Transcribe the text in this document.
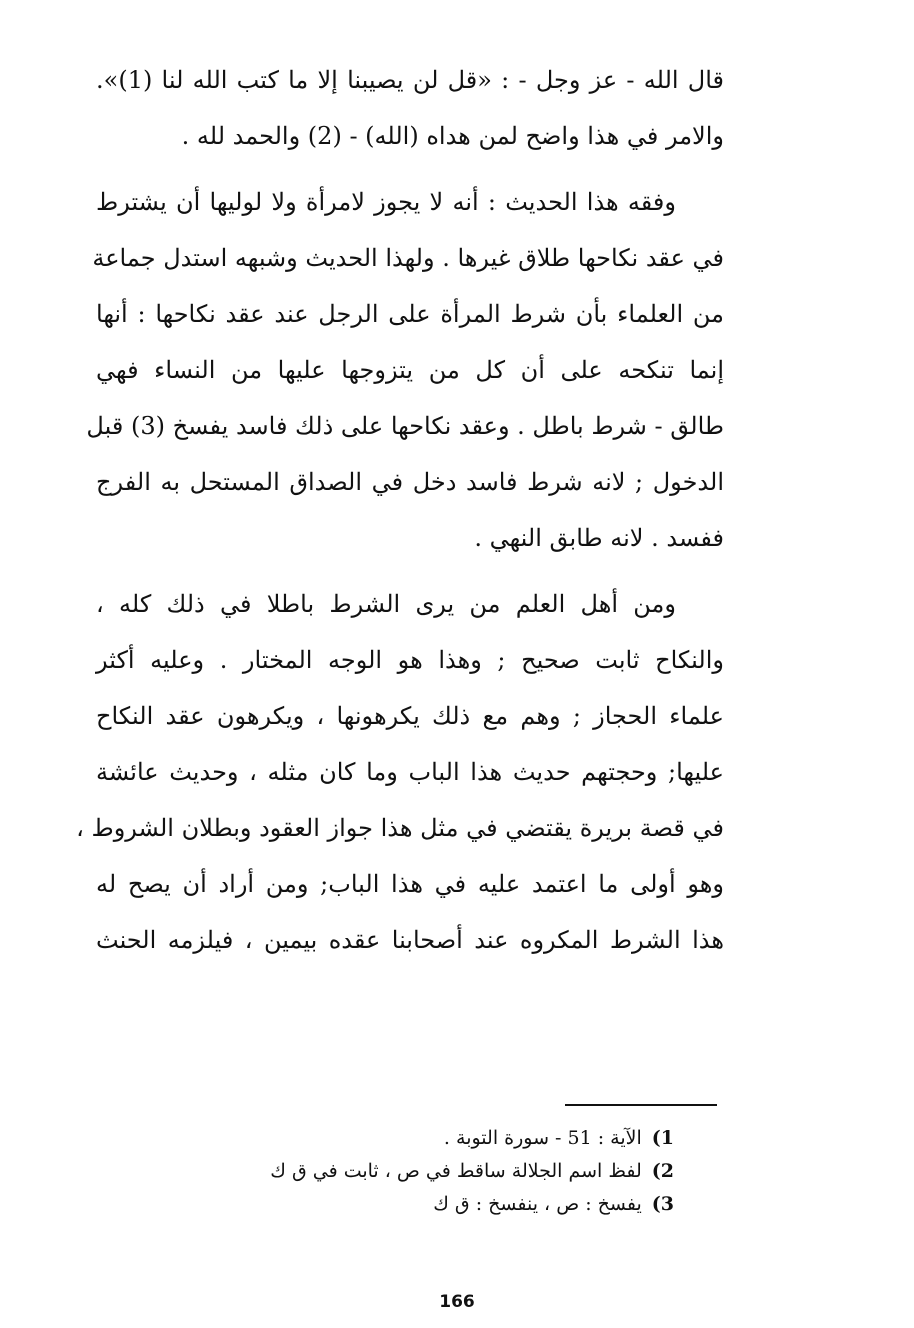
قال الله - عز وجل - : «قل لن يصيبنا إلا ما كتب الله لنا (1)».
والامر في هذا واضح لمن هداه (الله) - (2) والحمد لله .
وفقه هذا الحديث : أنه لا يجوز لامرأة ولا لوليها أن يشترط
في عقد نكاحها طلاق غيرها . ولهذا الحديث وشبهه استدل جماعة
من العلماء بأن شرط المرأة على الرجل عند عقد نكاحها : أنها
إنما تنكحه على أن كل من يتزوجها عليها من النساء فهي
طالق - شرط باطل . وعقد نكاحها على ذلك فاسد يفسخ (3) قبل
الدخول ; لانه شرط فاسد دخل في الصداق المستحل به الفرج
ففسد . لانه طابق النهي .
ومن أهل العلم من يرى الشرط باطلا في ذلك كله ،
والنكاح ثابت صحيح ; وهذا هو الوجه المختار . وعليه أكثر
علماء الحجاز ; وهم مع ذلك يكرهونها ، ويكرهون عقد النكاح
عليها; وحجتهم حديث هذا الباب وما كان مثله ، وحديث عائشة
في قصة بريرة يقتضي في مثل هذا جواز العقود وبطلان الشروط ،
وهو أولى ما اعتمد عليه في هذا الباب; ومن أراد أن يصح له
هذا الشرط المكروه عند أصحابنا عقده بيمين ، فيلزمه الحنث
1)الآية : 51 - سورة التوبة .
2)لفظ اسم الجلالة ساقط في ص ، ثابت في ق ك
3)يفسخ : ص ، ينفسخ : ق ك
166
